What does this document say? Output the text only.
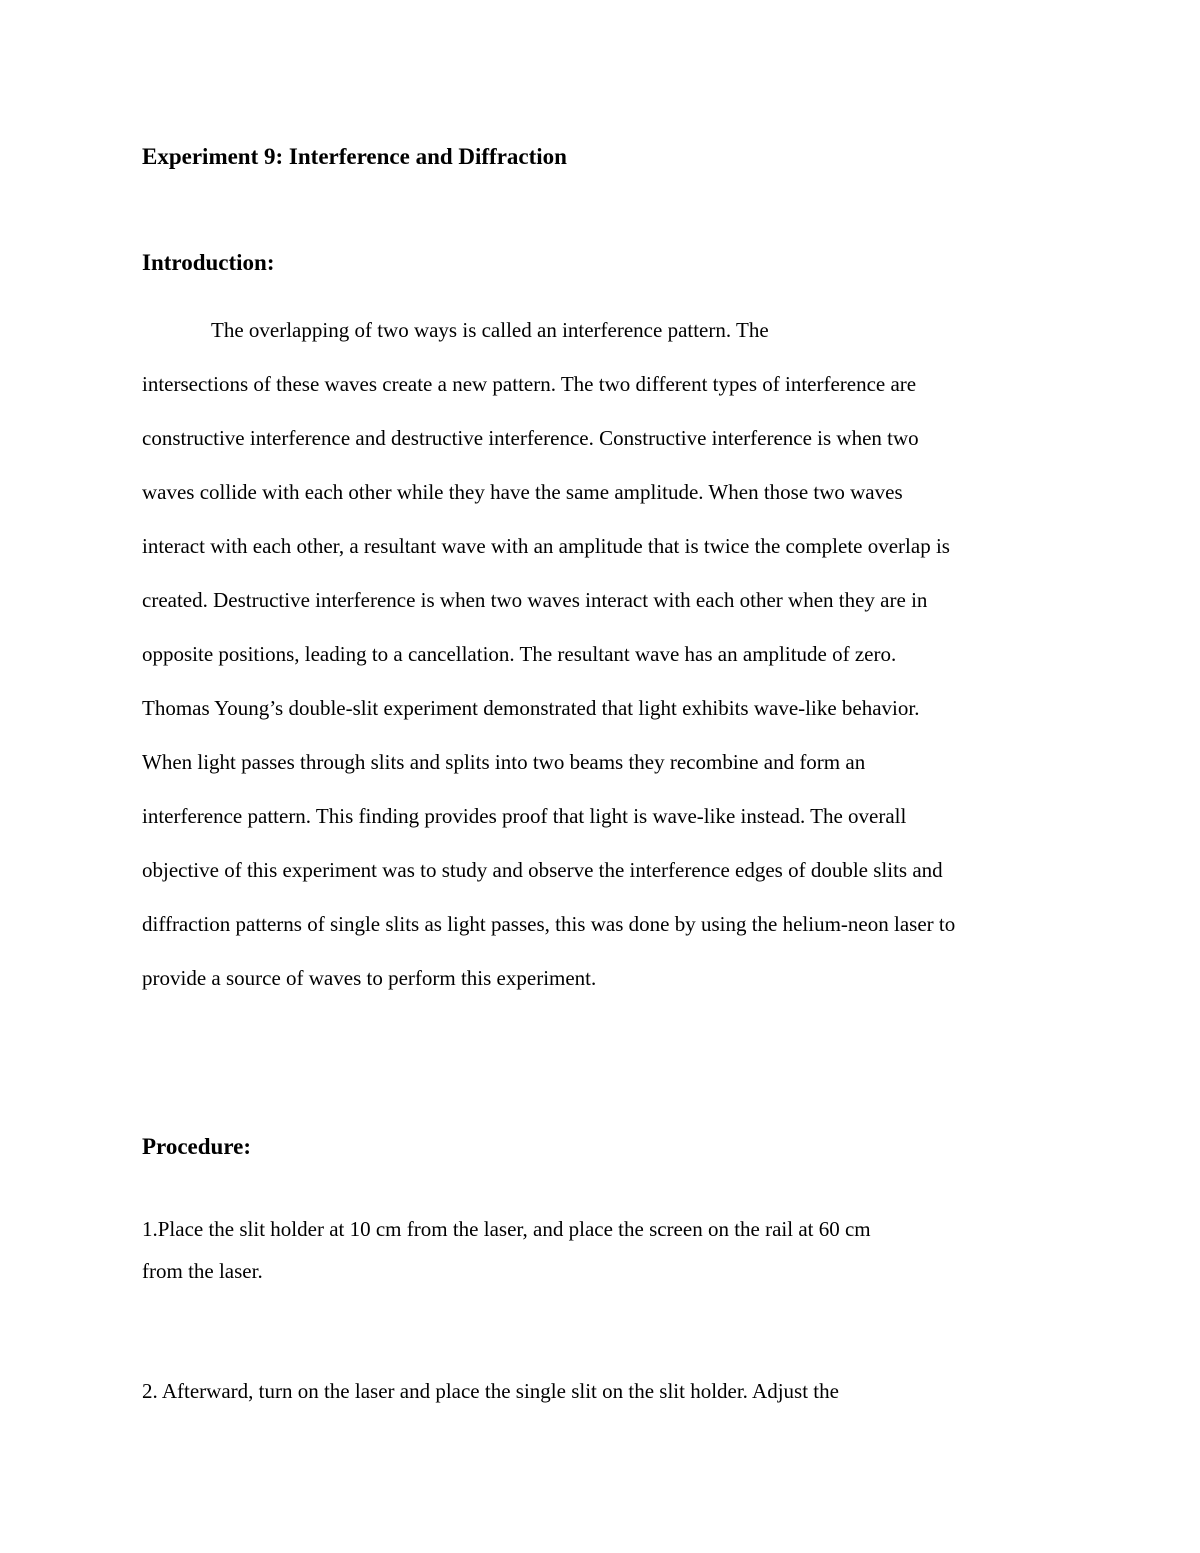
Experiment 9: Interference and Diffraction
Introduction:

The overlapping of two ways is called an interference pattern. The

intersections of these waves create a new pattern. The two different types of interference are

constructive interference and destructive interference. Constructive interference is when two

waves collide with each other while they have the same amplitude. When those two waves

interact with each other, a resultant wave with an amplitude that is twice the complete overlap is

created. Destructive interference is when two waves interact with each other when they are in

opposite positions, leading to a cancellation. The resultant wave has an amplitude of zero.

Thomas Young’s double-slit experiment demonstrated that light exhibits wave-like behavior.

When light passes through slits and splits into two beams they recombine and form an

interference pattern. This finding provides proof that light is wave-like instead. The overall

objective of this experiment was to study and observe the interference edges of double slits and

diffraction patterns of single slits as light passes, this was done by using the helium-neon laser to

provide a source of waves to perform this experiment.

Procedure:

1.Place the slit holder at 10 cm from the laser, and place the screen on the rail at 60 cm

from the laser.

2. Afterward, turn on the laser and place the single slit on the slit holder. Adjust the
